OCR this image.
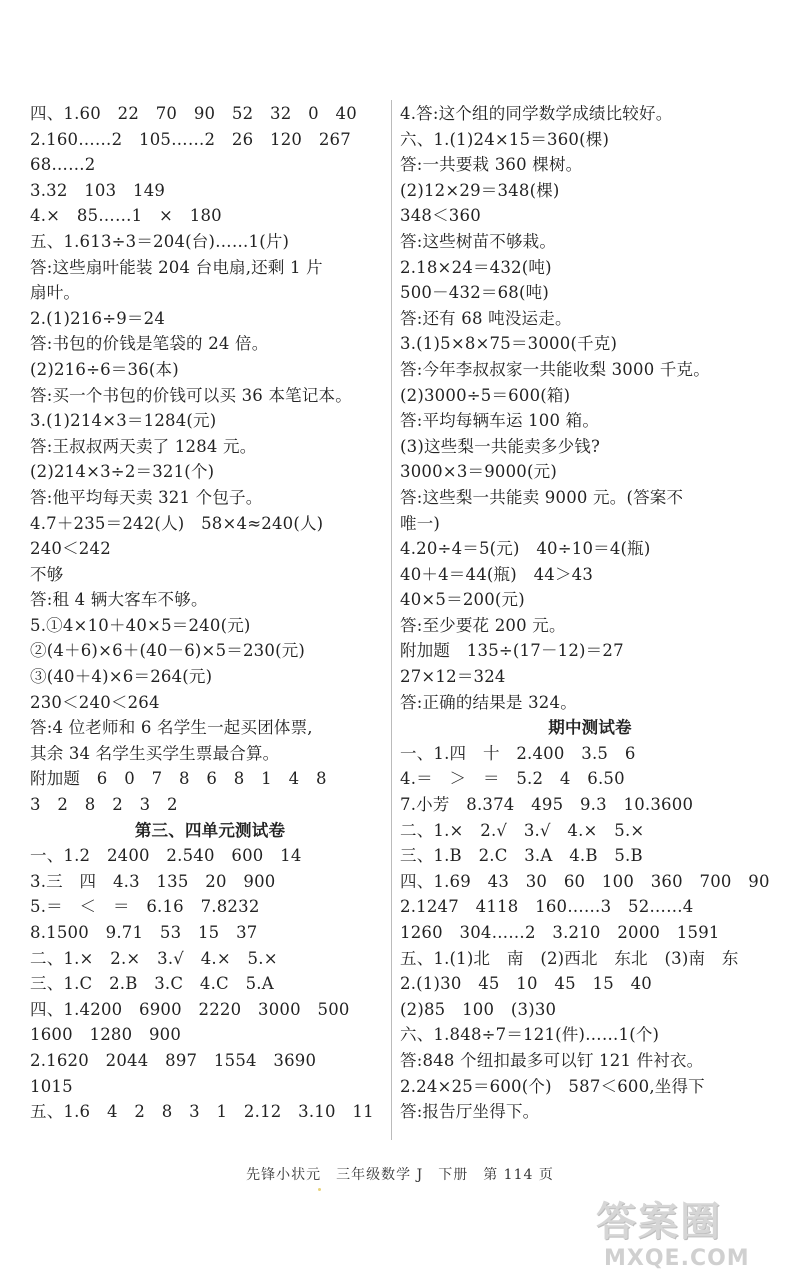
四、1.60　22　70　90　52　32　0　40
2.160……2　105……2　26　120　267
68……2
3.32　103　149
4.×　85……1　×　180
五、1.613÷3＝204(台)……1(片)
答:这些扇叶能装 204 台电扇,还剩 1 片
扇叶。
2.(1)216÷9＝24
答:书包的价钱是笔袋的 24 倍。
(2)216÷6＝36(本)
答:买一个书包的价钱可以买 36 本笔记本。
3.(1)214×3＝1284(元)
答:王叔叔两天卖了 1284 元。
(2)214×3÷2＝321(个)
答:他平均每天卖 321 个包子。
4.7＋235＝242(人)　58×4≈240(人)
240＜242
不够
答:租 4 辆大客车不够。
5.①4×10＋40×5＝240(元)
②(4＋6)×6＋(40－6)×5＝230(元)
③(40＋4)×6＝264(元)
230＜240＜264
答:4 位老师和 6 名学生一起买团体票,
其余 34 名学生买学生票最合算。
附加题　6　0　7　8　6　8　1　4　8
3　2　8　2　3　2
第三、四单元测试卷
一、1.2　2400　2.540　600　14
3.三　四　4.3　135　20　900
5.＝　＜　＝　6.16　7.8232
8.1500　9.71　53　15　37
二、1.×　2.×　3.√　4.×　5.×
三、1.C　2.B　3.C　4.C　5.A
四、1.4200　6900　2220　3000　500
1600　1280　900
2.1620　2044　897　1554　3690
1015
五、1.6　4　2　8　3　1　2.12　3.10　11
4.答:这个组的同学数学成绩比较好。
六、1.(1)24×15＝360(棵)
答:一共要栽 360 棵树。
(2)12×29＝348(棵)
348＜360
答:这些树苗不够栽。
2.18×24＝432(吨)
500－432＝68(吨)
答:还有 68 吨没运走。
3.(1)5×8×75＝3000(千克)
答:今年李叔叔家一共能收梨 3000 千克。
(2)3000÷5＝600(箱)
答:平均每辆车运 100 箱。
(3)这些梨一共能卖多少钱?
3000×3＝9000(元)
答:这些梨一共能卖 9000 元。(答案不
唯一)
4.20÷4＝5(元)　40÷10＝4(瓶)
40＋4＝44(瓶)　44＞43
40×5＝200(元)
答:至少要花 200 元。
附加题　135÷(17－12)＝27
27×12＝324
答:正确的结果是 324。
期中测试卷
一、1.四　十　2.400　3.5　6
4.＝　＞　＝　5.2　4　6.50
7.小芳　8.374　495　9.3　10.3600
二、1.×　2.√　3.√　4.×　5.×
三、1.B　2.C　3.A　4.B　5.B
四、1.69　43　30　60　100　360　700　90
2.1247　4118　160……3　52……4
1260　304……2　3.210　2000　1591
五、1.(1)北　南　(2)西北　东北　(3)南　东
2.(1)30　45　10　45　15　40
(2)85　100　(3)30
六、1.848÷7＝121(件)……1(个)
答:848 个纽扣最多可以钉 121 件衬衣。
2.24×25＝600(个)　587＜600,坐得下
答:报告厅坐得下。
先锋小状元　三年级数学 J　下册　第 114 页
答案圈
MXQE.COM
